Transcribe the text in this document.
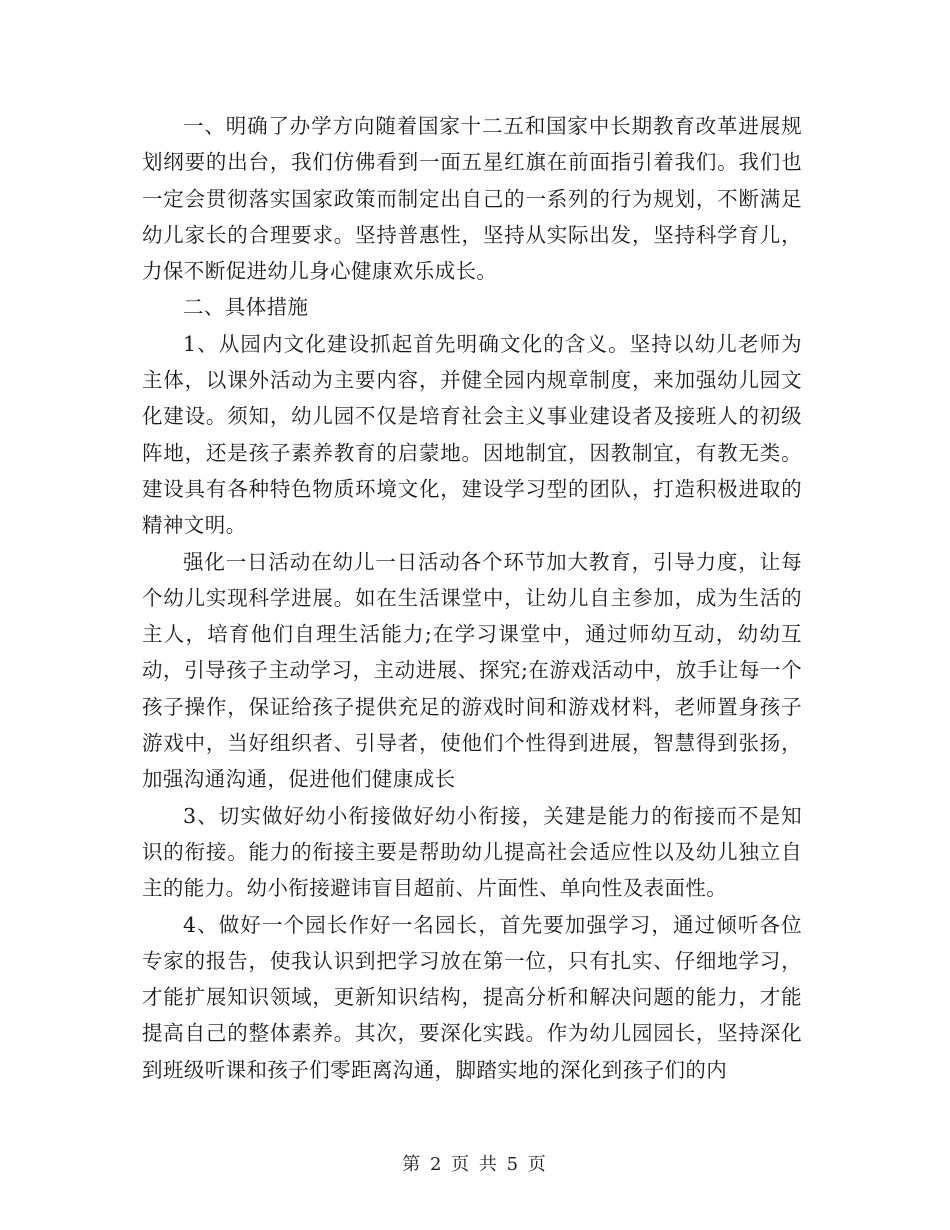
一、明确了办学方向随着国家十二五和国家中长期教育改革进展规划纲要的出台，我们仿佛看到一面五星红旗在前面指引着我们。我们也一定会贯彻落实国家政策而制定出自己的一系列的行为规划，不断满足幼儿家长的合理要求。坚持普惠性，坚持从实际出发，坚持科学育儿，力保不断促进幼儿身心健康欢乐成长。

二、具体措施

1、从园内文化建设抓起首先明确文化的含义。坚持以幼儿老师为主体，以课外活动为主要内容，并健全园内规章制度，来加强幼儿园文化建设。须知，幼儿园不仅是培育社会主义事业建设者及接班人的初级阵地，还是孩子素养教育的启蒙地。因地制宜，因教制宜，有教无类。建设具有各种特色物质环境文化，建设学习型的团队，打造积极进取的精神文明。

强化一日活动在幼儿一日活动各个环节加大教育，引导力度，让每个幼儿实现科学进展。如在生活课堂中，让幼儿自主参加，成为生活的主人，培育他们自理生活能力;在学习课堂中，通过师幼互动，幼幼互动，引导孩子主动学习，主动进展、探究;在游戏活动中，放手让每一个孩子操作，保证给孩子提供充足的游戏时间和游戏材料，老师置身孩子游戏中，当好组织者、引导者，使他们个性得到进展，智慧得到张扬，加强沟通沟通，促进他们健康成长

3、切实做好幼小衔接做好幼小衔接，关建是能力的衔接而不是知识的衔接。能力的衔接主要是帮助幼儿提高社会适应性以及幼儿独立自主的能力。幼小衔接避讳盲目超前、片面性、单向性及表面性。

4、做好一个园长作好一名园长，首先要加强学习，通过倾听各位专家的报告，使我认识到把学习放在第一位，只有扎实、仔细地学习，才能扩展知识领域，更新知识结构，提高分析和解决问题的能力，才能提高自己的整体素养。其次，要深化实践。作为幼儿园园长，坚持深化到班级听课和孩子们零距离沟通，脚踏实地的深化到孩子们的内

第 2 页 共 5 页
